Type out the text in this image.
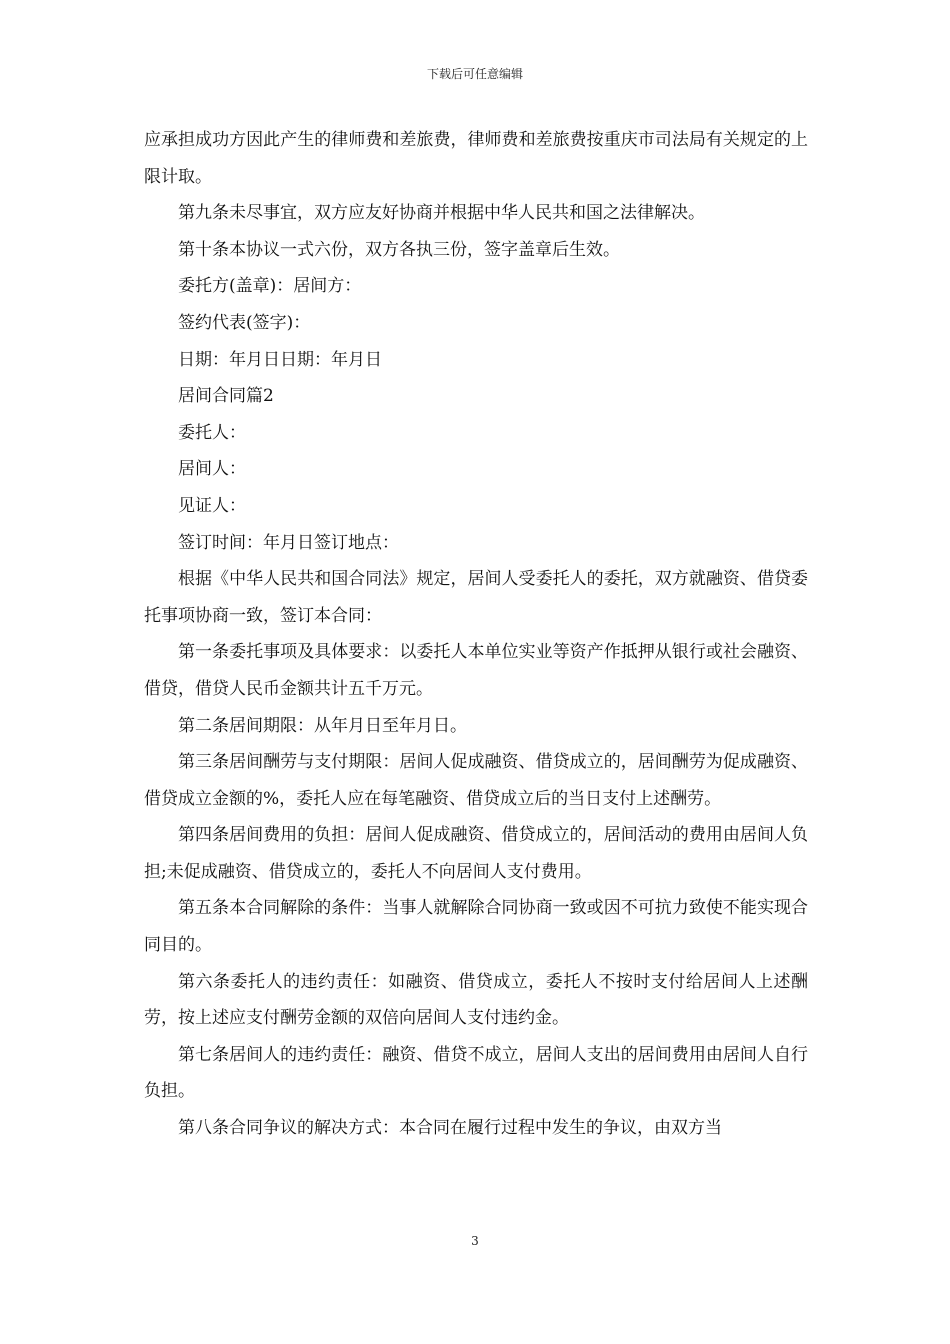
下载后可任意编辑

应承担成功方因此产生的律师费和差旅费，律师费和差旅费按重庆市司法局有关规定的上限计取。

第九条未尽事宜，双方应友好协商并根据中华人民共和国之法律解决。

第十条本协议一式六份，双方各执三份，签字盖章后生效。

委托方(盖章)：居间方：

签约代表(签字)：

日期：年月日日期：年月日

居间合同篇2

委托人：

居间人：

见证人：

签订时间：年月日签订地点：

根据《中华人民共和国合同法》规定，居间人受委托人的委托，双方就融资、借贷委托事项协商一致，签订本合同：

第一条委托事项及具体要求：以委托人本单位实业等资产作抵押从银行或社会融资、借贷，借贷人民币金额共计五千万元。

第二条居间期限：从年月日至年月日。

第三条居间酬劳与支付期限：居间人促成融资、借贷成立的，居间酬劳为促成融资、借贷成立金额的%，委托人应在每笔融资、借贷成立后的当日支付上述酬劳。

第四条居间费用的负担：居间人促成融资、借贷成立的，居间活动的费用由居间人负担;未促成融资、借贷成立的，委托人不向居间人支付费用。

第五条本合同解除的条件：当事人就解除合同协商一致或因不可抗力致使不能实现合同目的。

第六条委托人的违约责任：如融资、借贷成立，委托人不按时支付给居间人上述酬劳，按上述应支付酬劳金额的双倍向居间人支付违约金。

第七条居间人的违约责任：融资、借贷不成立，居间人支出的居间费用由居间人自行负担。

第八条合同争议的解决方式：本合同在履行过程中发生的争议，由双方当

3
